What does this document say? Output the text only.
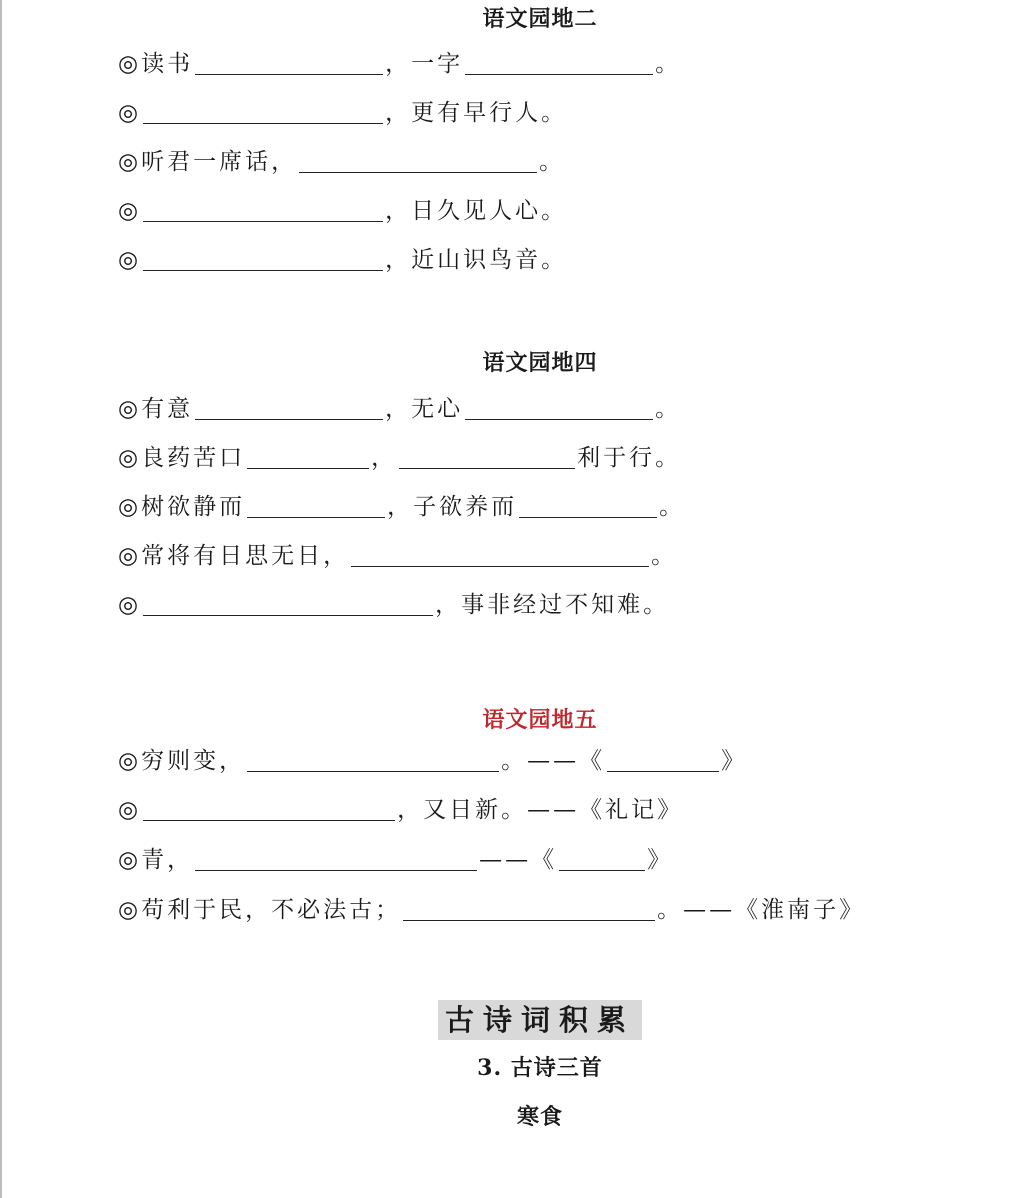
语文园地二
◎读书	，一字	。
◎	，更有早行人。
◎听君一席话，	。
◎	，日久见人心。
◎	，近山识鸟音。
语文园地四
◎有意	，无心	。
◎良药苦口	，	利于行。
◎树欲静而	，子欲养而	。
◎常将有日思无日，	。
◎	，事非经过不知难。
语文园地五
◎穷则变，	。——《	》
◎	，又日新。——《礼记》
◎青，	——《	》
◎苟利于民，不必法古；	。——《淮南子》
古诗词积累
3. 古诗三首
寒食
